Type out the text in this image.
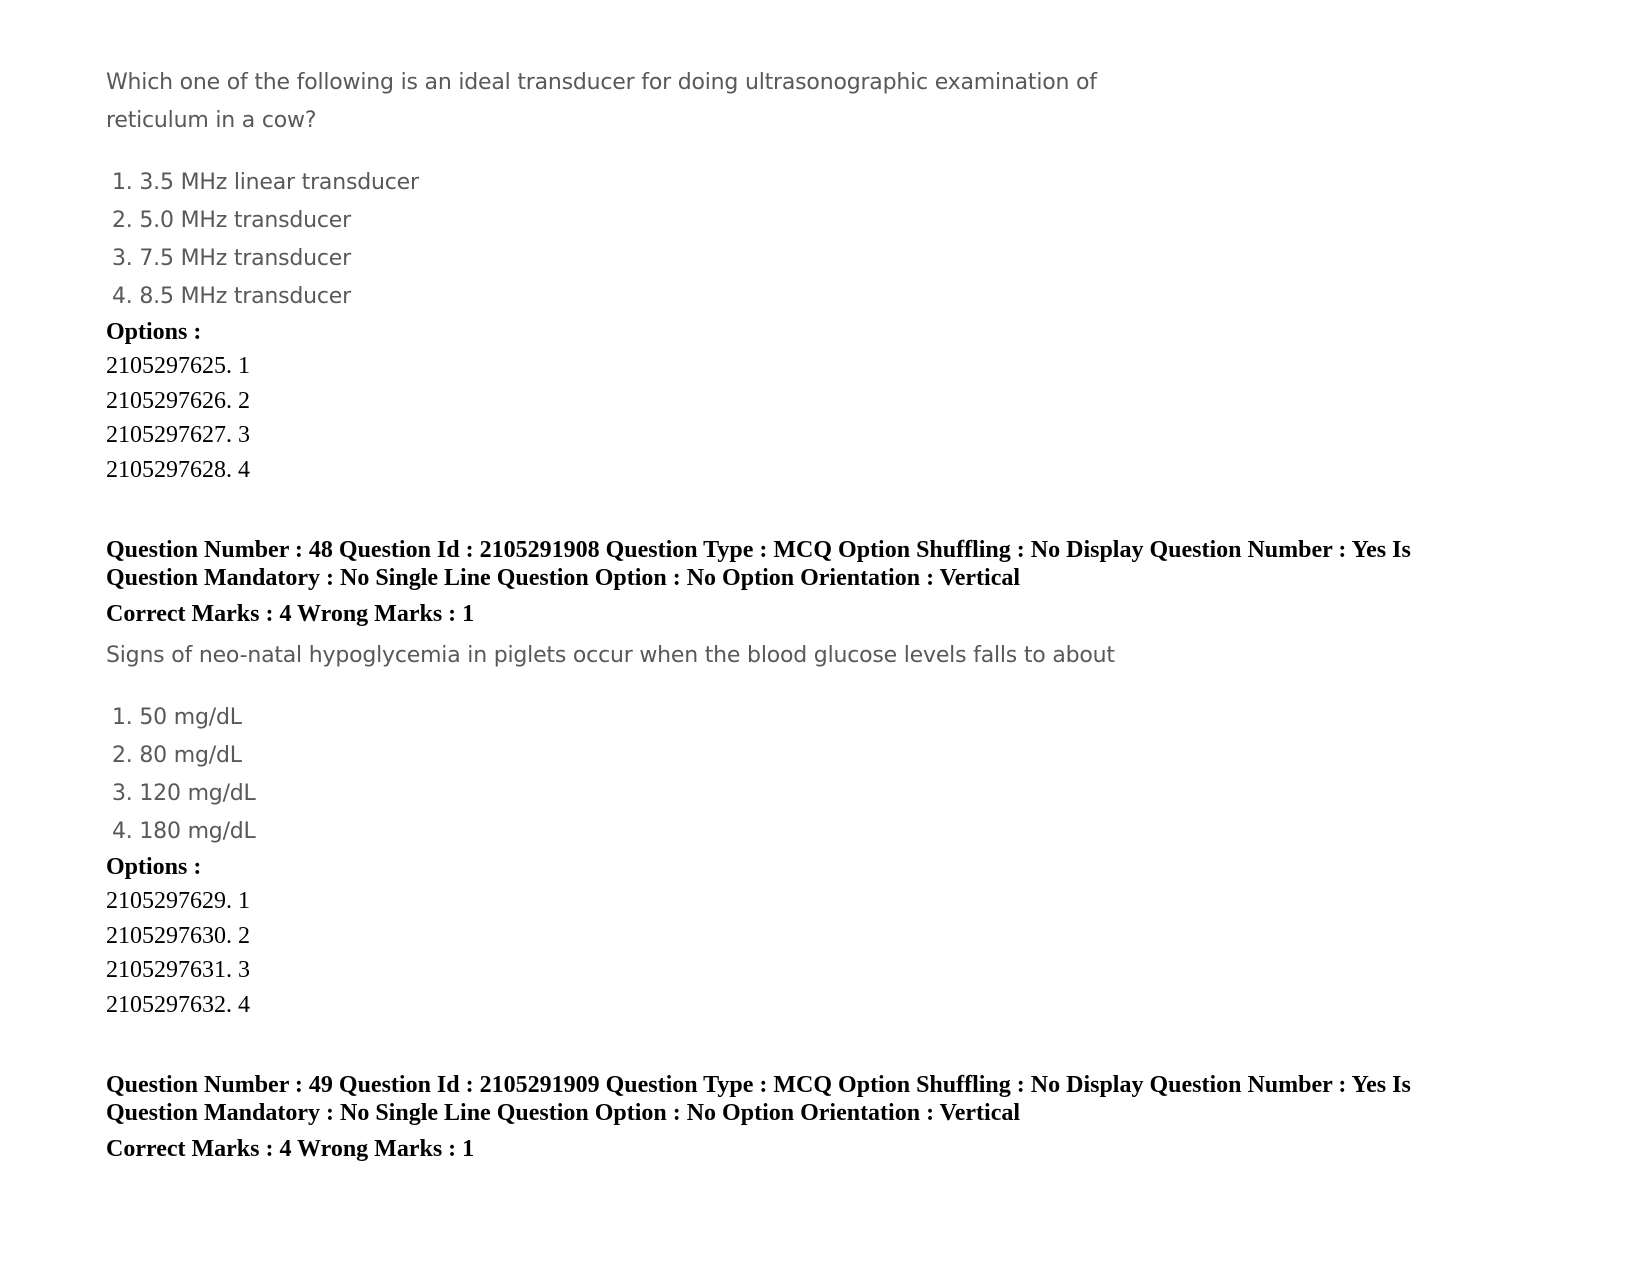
Which one of the following is an ideal transducer for doing ultrasonographic examination of

reticulum in a cow?

1. 3.5 MHz linear transducer
2. 5.0 MHz transducer
3. 7.5 MHz transducer
4. 8.5 MHz transducer

Options :

2105297625. 1
2105297626. 2
2105297627. 3
2105297628. 4

Question Number : 48 Question Id : 2105291908 Question Type : MCQ Option Shuffling : No Display Question Number : Yes Is

Question Mandatory : No Single Line Question Option : No Option Orientation : Vertical

Correct Marks : 4 Wrong Marks : 1

Signs of neo-natal hypoglycemia in piglets occur when the blood glucose levels falls to about

1. 50 mg/dL
2. 80 mg/dL
3. 120 mg/dL
4. 180 mg/dL

Options :

2105297629. 1
2105297630. 2
2105297631. 3
2105297632. 4

Question Number : 49 Question Id : 2105291909 Question Type : MCQ Option Shuffling : No Display Question Number : Yes Is

Question Mandatory : No Single Line Question Option : No Option Orientation : Vertical

Correct Marks : 4 Wrong Marks : 1
